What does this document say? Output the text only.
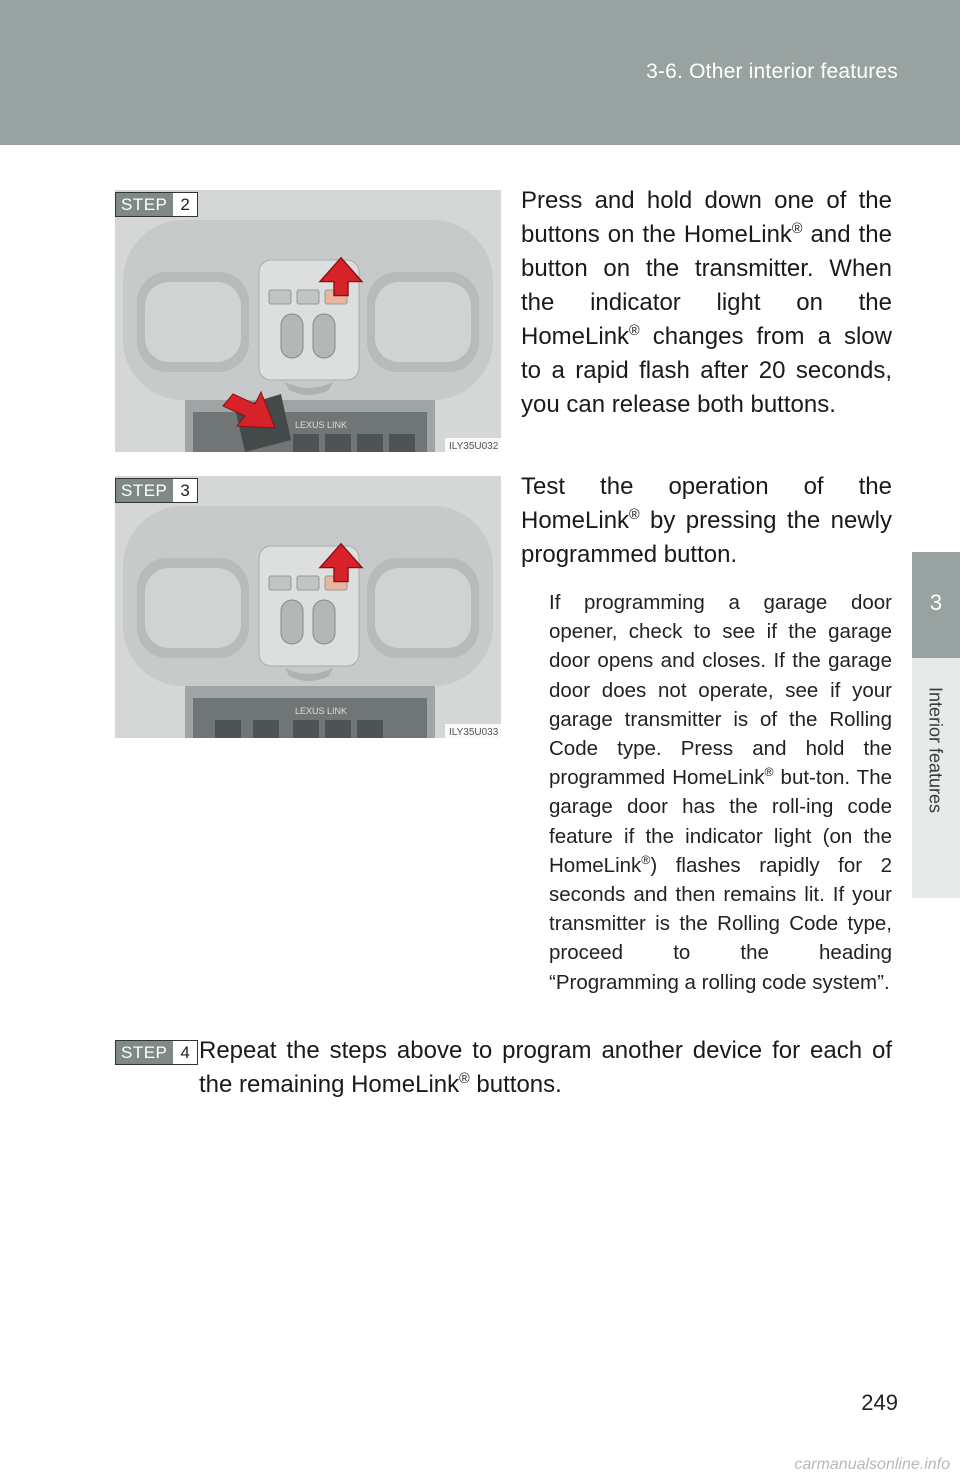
3-6. Other interior features
3
Interior features
LEXUS LINK
ILY35U032
STEP 2	Press and hold down one of the buttons on the HomeLink® and the button on the transmitter. When the indicator light on the HomeLink® changes from a slow to a rapid flash after 20 seconds, you can release both buttons.
LEXUS LINK
ILY35U033
STEP 3	Test the operation of the HomeLink® by pressing the newly programmed button.
If programming a garage door opener, check to see if the garage door opens and closes. If the garage door does not operate, see if your garage transmitter is of the Rolling Code type. Press and hold the programmed HomeLink® but-ton. The garage door has the roll-ing code feature if the indicator light (on the HomeLink®) flashes rapidly for 2 seconds and then remains lit. If your transmitter is the Rolling Code type, proceed to the heading “Programming a rolling code system”.
STEP 4 Repeat the steps above to program another device for each of the remaining HomeLink® buttons.
249
carmanualsonline.info
